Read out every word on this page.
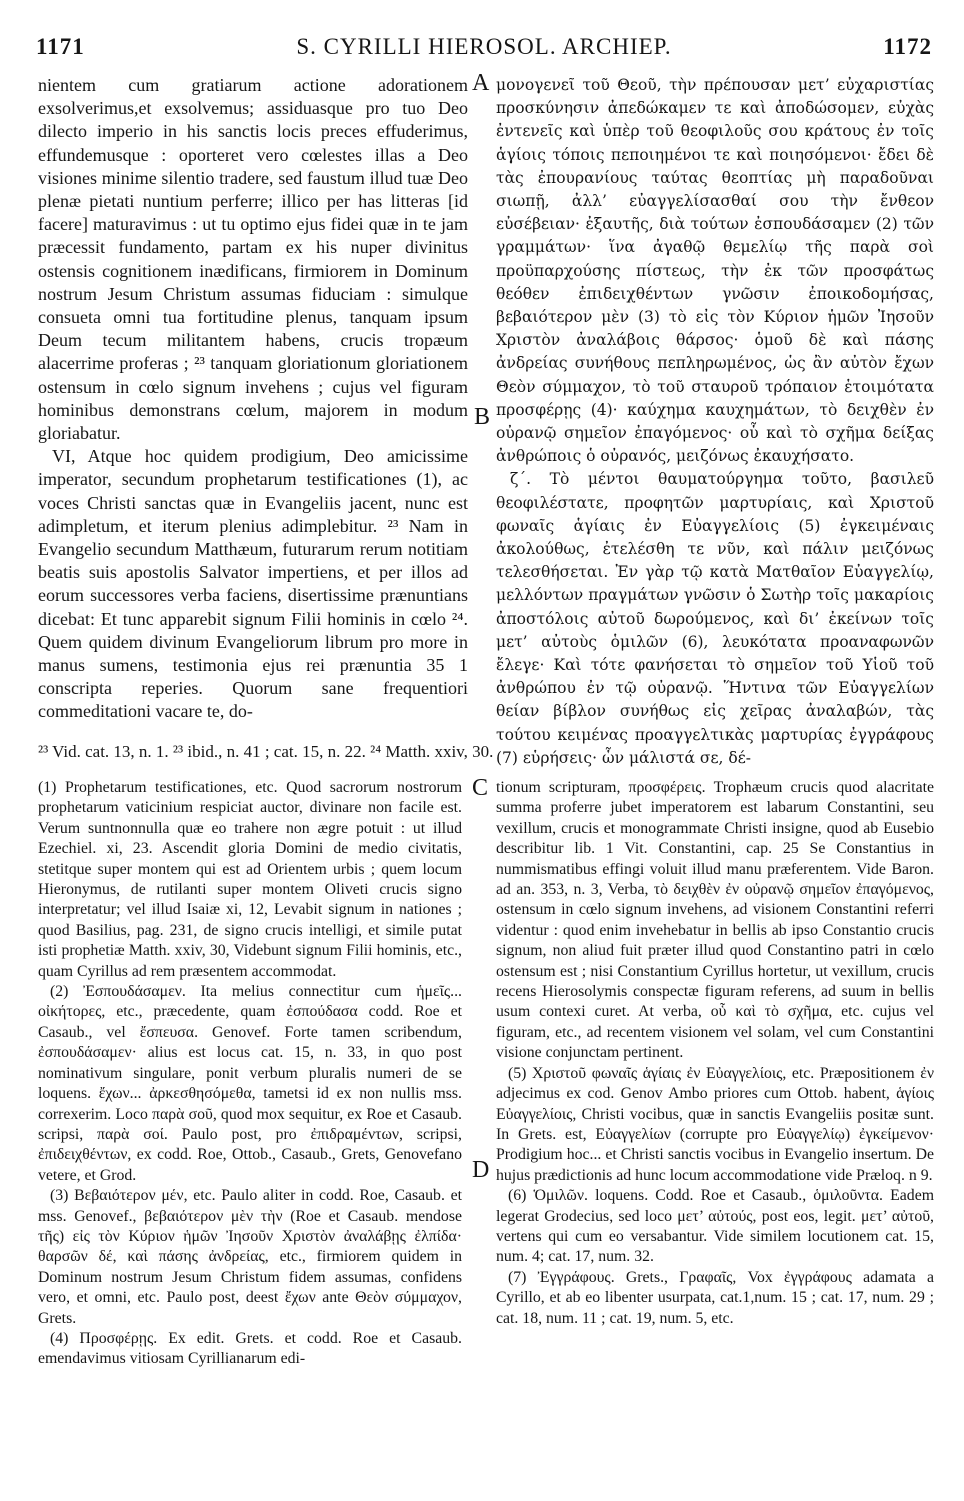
1171	S. CYRILLI HIEROSOL. ARCHIEP.	1172

nientem cum gratiarum actione adorationem exsolverimus,et exsolvemus; assiduasque pro tuo Deo dilecto imperio in his sanctis locis preces effuderimus, effundemusque : oporteret vero cœlestes illas a Deo visiones minime silentio tradere, sed faustum illud tuæ Deo plenæ pietati nuntium perferre; illico per has litteras [id facere] maturavimus : ut tu optimo ejus fidei quæ in te jam præcessit fundamento, partam ex his nuper divinitus ostensis cognitionem inædificans, firmiorem in Dominum nostrum Jesum Christum assumas fiduciam : simulque consueta omni tua fortitudine plenus, tanquam ipsum Deum tecum militantem habens, crucis tropæum alacerrime proferas ; ²³ tanquam gloriationum gloriationem ostensum in cœlo signum invehens ; cujus vel figuram hominibus demonstrans cœlum, majorem in modum gloriabatur.

VI, Atque hoc quidem prodigium, Deo amicissime imperator, secundum prophetarum testificationes (1), ac voces Christi sanctas quæ in Evangeliis jacent, nunc est adimpletum, et iterum plenius adimplebitur. ²³ Nam in Evangelio secundum Matthæum, futurarum rerum notitiam beatis suis apostolis Salvator impertiens, et per illos ad eorum successores verba faciens, disertissime prænuntians dicebat: Et tunc apparebit signum Filii hominis in cœlo ²⁴. Quem quidem divinum Evangeliorum librum pro more in manus sumens, testimonia ejus rei prænuntia 35 1 conscripta reperies. Quorum sane frequentiori commeditationi vacare te, do-

A
B

μονογενεῖ τοῦ Θεοῦ, τὴν πρέπουσαν μετ’ εὐχαριστίας προσκύνησιν ἀπεδώκαμεν τε καὶ ἀποδώσομεν, εὐχὰς ἐντενεῖς καὶ ὑπὲρ τοῦ θεοφιλοῦς σου κράτους ἐν τοῖς ἁγίοις τόποις πεποιημένοι τε καὶ ποιησόμενοι· ἔδει δὲ τὰς ἐπουρανίους ταύτας θεοπτίας μὴ παραδοῦναι σιωπῇ, ἀλλ’ εὐαγγελίσασθαί σου τὴν ἔνθεον εὐσέβειαν· ἐξαυτῆς, διὰ τούτων ἐσπουδάσαμεν (2) τῶν γραμμάτων· ἵνα ἀγαθῷ θεμελίῳ τῆς παρὰ σοὶ προϋπαρχούσης πίστεως, τὴν ἐκ τῶν προσφάτως θεόθεν ἐπιδειχθέντων γνῶσιν ἐποικοδομήσας, βεβαιότερον μὲν (3) τὸ εἰς τὸν Κύριον ἡμῶν Ἰησοῦν Χριστὸν ἀναλάβοις θάρσος· ὁμοῦ δὲ καὶ πάσης ἀνδρείας συνήθους πεπληρωμένος, ὡς ἂν αὐτὸν ἔχων Θεὸν σύμμαχον, τὸ τοῦ σταυροῦ τρόπαιον ἑτοιμότατα προσφέρῃς (4)· καύχημα καυχημάτων, τὸ δειχθὲν ἐν οὐρανῷ σημεῖον ἐπαγόμενος· οὗ καὶ τὸ σχῆμα δείξας ἀνθρώποις ὁ οὐρανός, μειζόνως ἐκαυχήσατο.

ζ΄. Τὸ μέντοι θαυματούργημα τοῦτο, βασιλεῦ θεοφιλέστατε, προφητῶν μαρτυρίαις, καὶ Χριστοῦ φωναῖς ἁγίαις ἐν Εὐαγγελίοις (5) ἐγκειμέναις ἀκολούθως, ἐτελέσθη τε νῦν, καὶ πάλιν μειζόνως τελεσθήσεται. Ἐν γὰρ τῷ κατὰ Ματθαῖον Εὐαγγελίῳ, μελλόντων πραγμάτων γνῶσιν ὁ Σωτὴρ τοῖς μακαρίοις ἀποστόλοις αὐτοῦ δωρούμενος, καὶ δι’ ἐκείνων τοῖς μετ’ αὐτοὺς ὁμιλῶν (6), λευκότατα προαναφωνῶν ἔλεγε· Καὶ τότε φανήσεται τὸ σημεῖον τοῦ Υἱοῦ τοῦ ἀνθρώπου ἐν τῷ οὐρανῷ. Ἥντινα τῶν Εὐαγγελίων θείαν βίβλον συνήθως εἰς χεῖρας ἀναλαβών, τὰς τούτου κειμένας προαγγελτικὰς μαρτυρίας ἐγγράφους (7) εὑρήσεις· ὧν μάλιστά σε, δέ-

²³ Vid. cat. 13, n. 1. ²³ ibid., n. 41 ; cat. 15, n. 22. ²⁴ Matth. xxiv, 30.
C
D

(1) Prophetarum testificationes, etc. Quod sacrorum nostrorum prophetarum vaticinium respiciat auctor, divinare non facile est. Verum suntnonnulla quæ eo trahere non ægre potuit : ut illud Ezechiel. xi, 23. Ascendit gloria Domini de medio civitatis, stetitque super montem qui est ad Orientem urbis ; quem locum Hieronymus, de rutilanti super montem Oliveti crucis signo interpretatur; vel illud Isaiæ xi, 12, Levabit signum in nationes ; quod Basilius, pag. 231, de signo crucis intelligi, et simile putat isti prophetiæ Matth. xxiv, 30, Videbunt signum Filii hominis, etc., quam Cyrillus ad rem præsentem accommodat.

(2) Ἐσπουδάσαμεν. Ita melius connectitur cum ἡμεῖς... οἰκήτορες, etc., præcedente, quam ἐσπούδασα codd. Roe et Casaub., vel ἔσπευσα. Genovef. Forte tamen scribendum, ἐσπουδάσαμεν· alius est locus cat. 15, n. 33, in quo post nominativum singulare, ponit verbum pluralis numeri de se loquens. ἔχων... ἀρκεσθησόμεθα, tametsi id ex non nullis mss. correxerim. Loco παρὰ σοῦ, quod mox sequitur, ex Roe et Casaub. scripsi, παρὰ σοί. Paulo post, pro ἐπιδραμέντων, scripsi, ἐπιδειχθέντων, ex codd. Roe, Ottob., Casaub., Grets, Genovefano vetere, et Grod.

(3) Βεβαιότερον μέν, etc. Paulo aliter in codd. Roe, Casaub. et mss. Genovef., βεβαιότερον μὲν τὴν (Roe et Casaub. mendose τῆς) εἰς τὸν Κύριον ἡμῶν Ἰησοῦν Χριστὸν ἀναλάβῃς ἐλπίδα· θαρσῶν δέ, καὶ πάσης ἀνδρείας, etc., firmiorem quidem in Dominum nostrum Jesum Christum fidem assumas, confidens vero, et omni, etc. Paulo post, deest ἔχων ante Θεὸν σύμμαχον, Grets.

(4) Προσφέρῃς. Ex edit. Grets. et codd. Roe et Casaub. emendavimus vitiosam Cyrillianarum edi-

tionum scripturam, προσφέρεις. Trophæum crucis quod alacritate summa proferre jubet imperatorem est labarum Constantini, seu vexillum, crucis et monogrammate Christi insigne, quod ab Eusebio describitur lib. 1 Vit. Constantini, cap. 25 Se Constantius in nummismatibus effingi voluit illud manu præferentem. Vide Baron. ad an. 353, n. 3, Verba, τὸ δειχθὲν ἐν οὐρανῷ σημεῖον ἐπαγόμενος, ostensum in cœlo signum invehens, ad visionem Constantini referri videntur : quod enim invehebatur in bellis ab ipso Constantio crucis signum, non aliud fuit præter illud quod Constantino patri in cœlo ostensum est ; nisi Constantium Cyrillus hortetur, ut vexillum, crucis recens Hierosolymis conspectæ figuram referens, ad suum in bellis usum contexi curet. At verba, οὗ καὶ τὸ σχῆμα, etc. cujus vel figuram, etc., ad recentem visionem vel solam, vel cum Constantini visione conjunctam pertinent.

(5) Χριστοῦ φωναῖς ἁγίαις ἐν Εὐαγγελίοις, etc. Præpositionem ἐν adjecimus ex cod. Genov Ambo priores cum Ottob. habent, ἁγίοις Εὐαγγελίοις, Christi vocibus, quæ in sanctis Evangeliis positæ sunt. In Grets. est, Εὐαγγελίων (corrupte pro Εὐαγγελίῳ) ἐγκείμενον· Prodigium hoc... et Christi sanctis vocibus in Evangelio insertum. De hujus prædictionis ad hunc locum accommodatione vide Præloq. n 9.

(6) Ὁμιλῶν. loquens. Codd. Roe et Casaub., ὁμιλοῦντα. Eadem legerat Grodecius, sed loco μετ’ αὐτούς, post eos, legit. μετ’ αὐτοῦ, vertens qui cum eo versabantur. Vide similem locutionem cat. 15, num. 4; cat. 17, num. 32.

(7) Ἐγγράφους. Grets., Γραφαῖς, Vox ἐγγράφους adamata a Cyrillo, et ab eo libenter usurpata, cat.1,num. 15 ; cat. 17, num. 29 ; cat. 18, num. 11 ; cat. 19, num. 5, etc.
